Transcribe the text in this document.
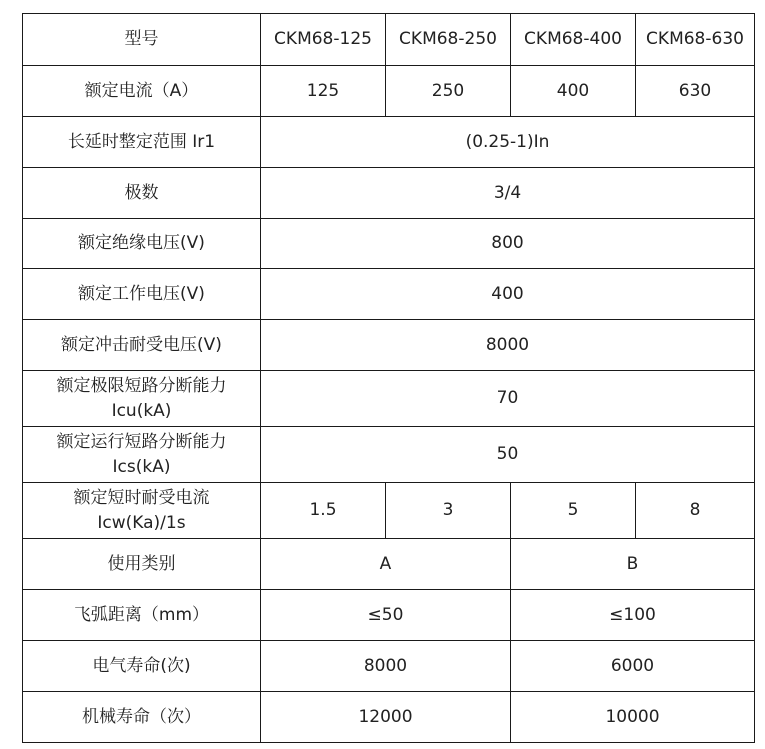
型号	CKM68-125	CKM68-250	CKM68-400	CKM68-630
额定电流（A）	125	250	400	630
长延时整定范围 Ir1	(0.25-1)In			
极数	3/4			
额定绝缘电压(V)	800			
额定工作电压(V)	400			
额定冲击耐受电压(V)	8000			

额定极限短路分断能力
Icu(kA)	70			

额定运行短路分断能力
Ics(kA)	50			

额定短时耐受电流
Icw(Ka)/1s	1.5	3	5	8
使用类别	A		B	
飞弧距离（mm）	≤50		≤100	
电气寿命(次)	8000		6000	
机械寿命（次）	12000		10000	
